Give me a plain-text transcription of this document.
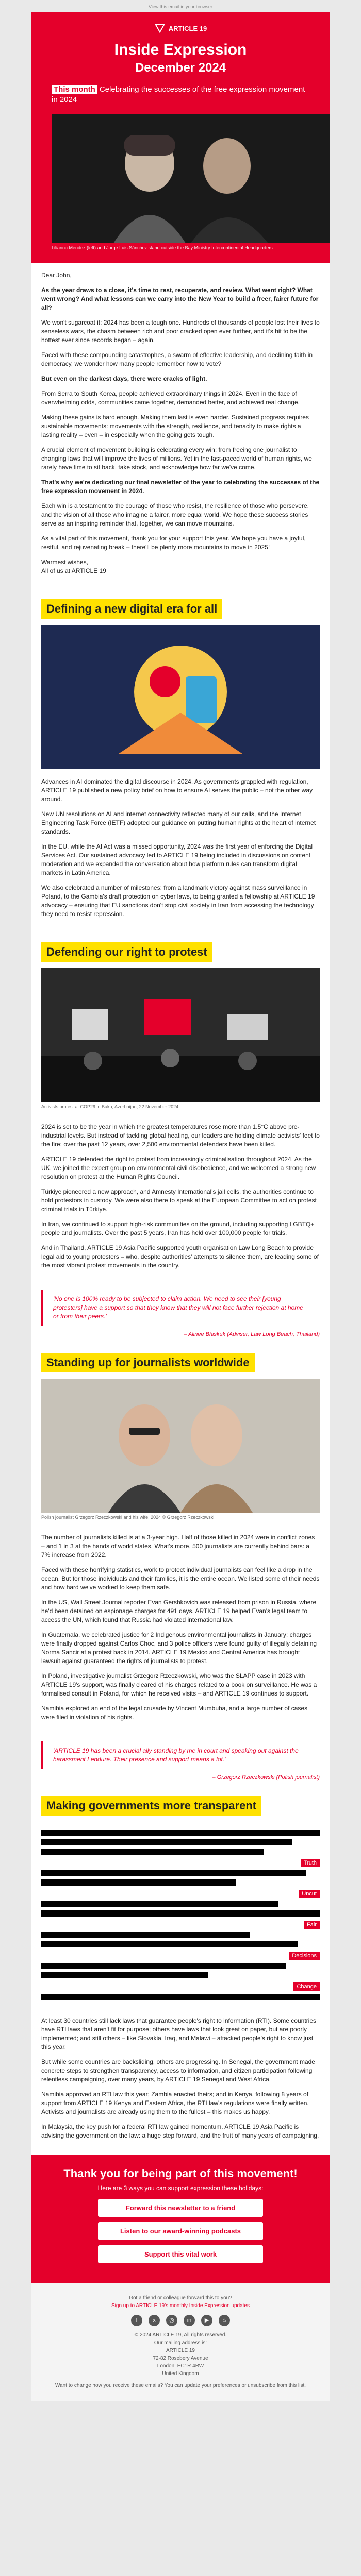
View this email in your browser
ARTICLE 19
Inside Expression
December 2024
This month Celebrating the successes of the free expression movement in 2024
Lilianna Mendez (left) and Jorge Luis Sánchez stand outside the Bay Ministry Intercontinental Headquarters

Dear John,

As the year draws to a close, it's time to rest, recuperate, and review. What went right? What went wrong? And what lessons can we carry into the New Year to build a freer, fairer future for all?

We won't sugarcoat it: 2024 has been a tough one. Hundreds of thousands of people lost their lives to senseless wars, the chasm between rich and poor cracked open ever further, and it's hit to be the hottest ever since records began – again.

Faced with these compounding catastrophes, a swarm of effective leadership, and declining faith in democracy, we wonder how many people remember how to vote?

But even on the darkest days, there were cracks of light.

From Serra to South Korea, people achieved extraordinary things in 2024. Even in the face of overwhelming odds, communities came together, demanded better, and achieved real change.

Making these gains is hard enough. Making them last is even harder. Sustained progress requires sustainable movements: movements with the strength, resilience, and tenacity to make rights a lasting reality – even – in especially when the going gets tough.

A crucial element of movement building is celebrating every win: from freeing one journalist to changing laws that will improve the lives of millions. Yet in the fast-paced world of human rights, we rarely have time to sit back, take stock, and acknowledge how far we've come.

That's why we're dedicating our final newsletter of the year to celebrating the successes of the free expression movement in 2024.

Each win is a testament to the courage of those who resist, the resilience of those who persevere, and the vision of all those who imagine a fairer, more equal world. We hope these success stories serve as an inspiring reminder that, together, we can move mountains.

As a vital part of this movement, thank you for your support this year. We hope you have a joyful, restful, and rejuvenating break – there'll be plenty more mountains to move in 2025!

Warmest wishes,
All of us at ARTICLE 19

Defining a new digital era for all

Advances in AI dominated the digital discourse in 2024. As governments grappled with regulation, ARTICLE 19 published a new policy brief on how to ensure AI serves the public – not the other way around.

New UN resolutions on AI and internet connectivity reflected many of our calls, and the Internet Engineering Task Force (IETF) adopted our guidance on putting human rights at the heart of internet standards.

In the EU, while the AI Act was a missed opportunity, 2024 was the first year of enforcing the Digital Services Act. Our sustained advocacy led to ARTICLE 19 being included in discussions on content moderation and we expanded the conversation about how platform rules can transform digital markets in Latin America.

We also celebrated a number of milestones: from a landmark victory against mass surveillance in Poland, to the Gambia's draft protection on cyber laws, to being granted a fellowship at ARTICLE 19 advocacy – ensuring that EU sanctions don't stop civil society in Iran from accessing the technology they need to resist repression.

Defending our right to protest
Activists protest at COP29 in Baku, Azerbaijan, 22 November 2024

2024 is set to be the year in which the greatest temperatures rose more than 1.5°C above pre-industrial levels. But instead of tackling global heating, our leaders are holding climate activists' feet to the fire: over the past 12 years, over 2,500 environmental defenders have been killed.

ARTICLE 19 defended the right to protest from increasingly criminalisation throughout 2024. As the UK, we joined the expert group on environmental civil disobedience, and we welcomed a strong new resolution on protest at the Human Rights Council.

Türkiye pioneered a new approach, and Amnesty International's jail cells, the authorities continue to hold protestors in custody. We were also there to speak at the European Committee to act on protest criminal trials in Türkiye.

In Iran, we continued to support high-risk communities on the ground, including supporting LGBTQ+ people and journalists. Over the past 5 years, Iran has held over 100,000 people for trials.

And in Thailand, ARTICLE 19 Asia Pacific supported youth organisation Law Long Beach to provide legal aid to young protesters – who, despite authorities' attempts to silence them, are leading some of the most vibrant protest movements in the country.

'No one is 100% ready to be subjected to claim action. We need to see their [young protesters] have a support so that they know that they will not face further rejection at home or from their peers.'
– Alinee Bhiskuk (Adviser, Law Long Beach, Thailand)
Standing up for journalists worldwide
Polish journalist Grzegorz Rzeczkowski and his wife, 2024 © Grzegorz Rzeczkowski

The number of journalists killed is at a 3-year high. Half of those killed in 2024 were in conflict zones – and 1 in 3 at the hands of world states. What's more, 500 journalists are currently behind bars: a 7% increase from 2022.

Faced with these horrifying statistics, work to protect individual journalists can feel like a drop in the ocean. But for those individuals and their families, it is the entire ocean. We listed some of their needs and how hard we've worked to keep them safe.

In the US, Wall Street Journal reporter Evan Gershkovich was released from prison in Russia, where he'd been detained on espionage charges for 491 days. ARTICLE 19 helped Evan's legal team to access the UN, which found that Russia had violated international law.

In Guatemala, we celebrated justice for 2 Indigenous environmental journalists in January: charges were finally dropped against Carlos Choc, and 3 police officers were found guilty of illegally detaining Norma Sancir at a protest back in 2014. ARTICLE 19 Mexico and Central America has brought lawsuit against guaranteed the rights of journalists to protest.

In Poland, investigative journalist Grzegorz Rzeczkowski, who was the SLAPP case in 2023 with ARTICLE 19's support, was finally cleared of his charges related to a book on surveillance. He was a formalised consult in Poland, for which he received visits – and ARTICLE 19 continues to support.

Namibia explored an end of the legal crusade by Vincent Mumbuba, and a large number of cases were filed in violation of his rights.

'ARTICLE 19 has been a crucial ally standing by me in court and speaking out against the harassment I endure. Their presence and support means a lot.'
– Grzegorz Rzeczkowski (Polish journalist)
Making governments more transparent
Truth
Uncut
Fair
Decisions
Change

At least 30 countries still lack laws that guarantee people's right to information (RTI). Some countries have RTI laws that aren't fit for purpose; others have laws that look great on paper, but are poorly implemented; and still others – like Slovakia, Iraq, and Malawi – attacked people's right to know just this year.

But while some countries are backsliding, others are progressing. In Senegal, the government made concrete steps to strengthen transparency, access to information, and citizen participation following relentless campaigning, over many years, by ARTICLE 19 Senegal and West Africa.

Namibia approved an RTI law this year; Zambia enacted theirs; and in Kenya, following 8 years of support from ARTICLE 19 Kenya and Eastern Africa, the RTI law's regulations were finally written. Activists and journalists are already using them to the fullest – this makes us happy.

In Malaysia, the key push for a federal RTI law gained momentum. ARTICLE 19 Asia Pacific is advising the government on the law: a huge step forward, and the fruit of many years of campaigning.

Thank you for being part of this movement!
Here are 3 ways you can support expression these holidays:
Forward this newsletter to a friend
Listen to our award-winning podcasts
Support this vital work
Got a friend or colleague forward this to you?
Sign up to ARTICLE 19's monthly Inside Expression updates
f	x	◎	in	▶	⌂
© 2024 ARTICLE 19, All rights reserved.
Our mailing address is:
ARTICLE 19
72-82 Rosebery Avenue
London, EC1R 4RW
United Kingdom
Want to change how you receive these emails? You can update your preferences or unsubscribe from this list.
